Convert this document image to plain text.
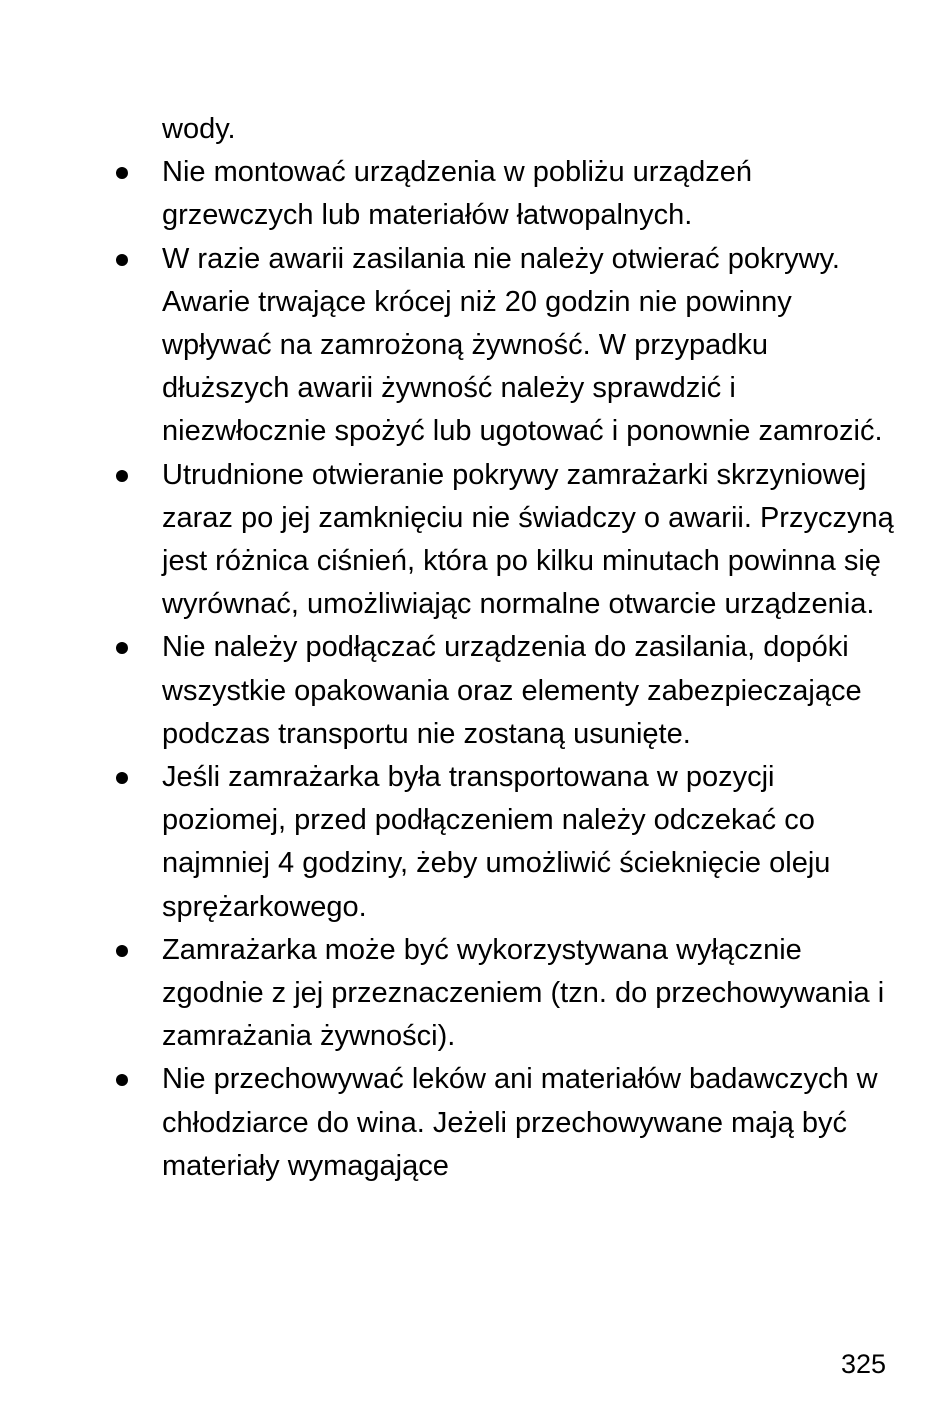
wody.

Nie montować urządzenia w pobliżu urządzeń grzewczych lub materiałów łatwopalnych.
W razie awarii zasilania nie należy otwierać pokrywy. Awarie trwające krócej niż 20 godzin nie powinny wpływać na zamrożoną żywność. W przypadku dłuższych awarii żywność należy sprawdzić i niezwłocznie spożyć lub ugotować i ponownie zamrozić.
Utrudnione otwieranie pokrywy zamrażarki skrzyniowej zaraz po jej zamknięciu nie świadczy o awarii. Przyczyną jest różnica ciśnień, która po kilku minutach powinna się wyrównać, umożliwiając normalne otwarcie urządzenia.
Nie należy podłączać urządzenia do zasilania, dopóki wszystkie opakowania oraz elementy zabezpieczające podczas transportu nie zostaną usunięte.
Jeśli zamrażarka była transportowana w pozycji poziomej, przed podłączeniem należy odczekać co najmniej 4 godziny, żeby umożliwić ścieknięcie oleju sprężarkowego.
Zamrażarka może być wykorzystywana wyłącznie zgodnie z jej przeznaczeniem (tzn. do przechowywania i zamrażania żywności).
Nie przechowywać leków ani materiałów badawczych w chłodziarce do wina. Jeżeli przechowywane mają być materiały wymagające
325
